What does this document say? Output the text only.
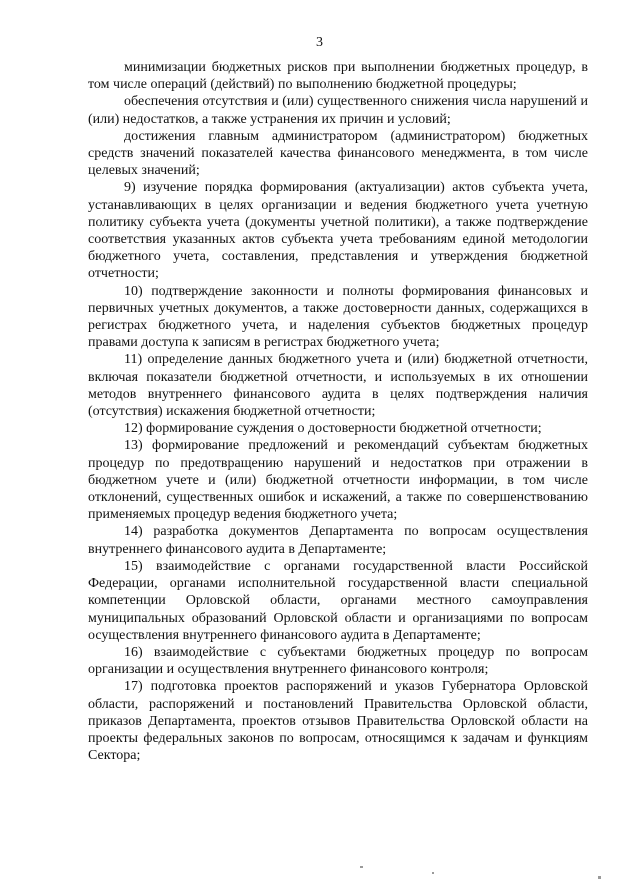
3

минимизации бюджетных рисков при выполнении бюджетных процедур, в том числе операций (действий) по выполнению бюджетной процедуры;

обеспечения отсутствия и (или) существенного снижения числа нарушений и (или) недостатков, а также устранения их причин и условий;

достижения главным администратором (администратором) бюджетных средств значений показателей качества финансового менеджмента, в том числе целевых значений;

9) изучение порядка формирования (актуализации) актов субъекта учета, устанавливающих в целях организации и ведения бюджетного учета учетную политику субъекта учета (документы учетной политики), а также подтверждение соответствия указанных актов субъекта учета требованиям единой методологии бюджетного учета, составления, представления и утверждения бюджетной отчетности;

10) подтверждение законности и полноты формирования финансовых и первичных учетных документов, а также достоверности данных, содержащихся в регистрах бюджетного учета, и наделения субъектов бюджетных процедур правами доступа к записям в регистрах бюджетного учета;

11) определение данных бюджетного учета и (или) бюджетной отчетности, включая показатели бюджетной отчетности, и используемых в их отношении методов внутреннего финансового аудита в целях подтверждения наличия (отсутствия) искажения бюджетной отчетности;

12) формирование суждения о достоверности бюджетной отчетности;

13) формирование предложений и рекомендаций субъектам бюджетных процедур по предотвращению нарушений и недостатков при отражении в бюджетном учете и (или) бюджетной отчетности информации, в том числе отклонений, существенных ошибок и искажений, а также по совершенствованию применяемых процедур ведения бюджетного учета;

14) разработка документов Департамента по вопросам осуществления внутреннего финансового аудита в Департаменте;

15) взаимодействие с органами государственной власти Российской Федерации, органами исполнительной государственной власти специальной компетенции Орловской области, органами местного самоуправления муниципальных образований Орловской области и организациями по вопросам осуществления внутреннего финансового аудита в Департаменте;

16) взаимодействие с субъектами бюджетных процедур по вопросам организации и осуществления внутреннего финансового контроля;

17) подготовка проектов распоряжений и указов Губернатора Орловской области, распоряжений и постановлений Правительства Орловской области, приказов Департамента, проектов отзывов Правительства Орловской области на проекты федеральных законов по вопросам, относящимся к задачам и функциям Сектора;
